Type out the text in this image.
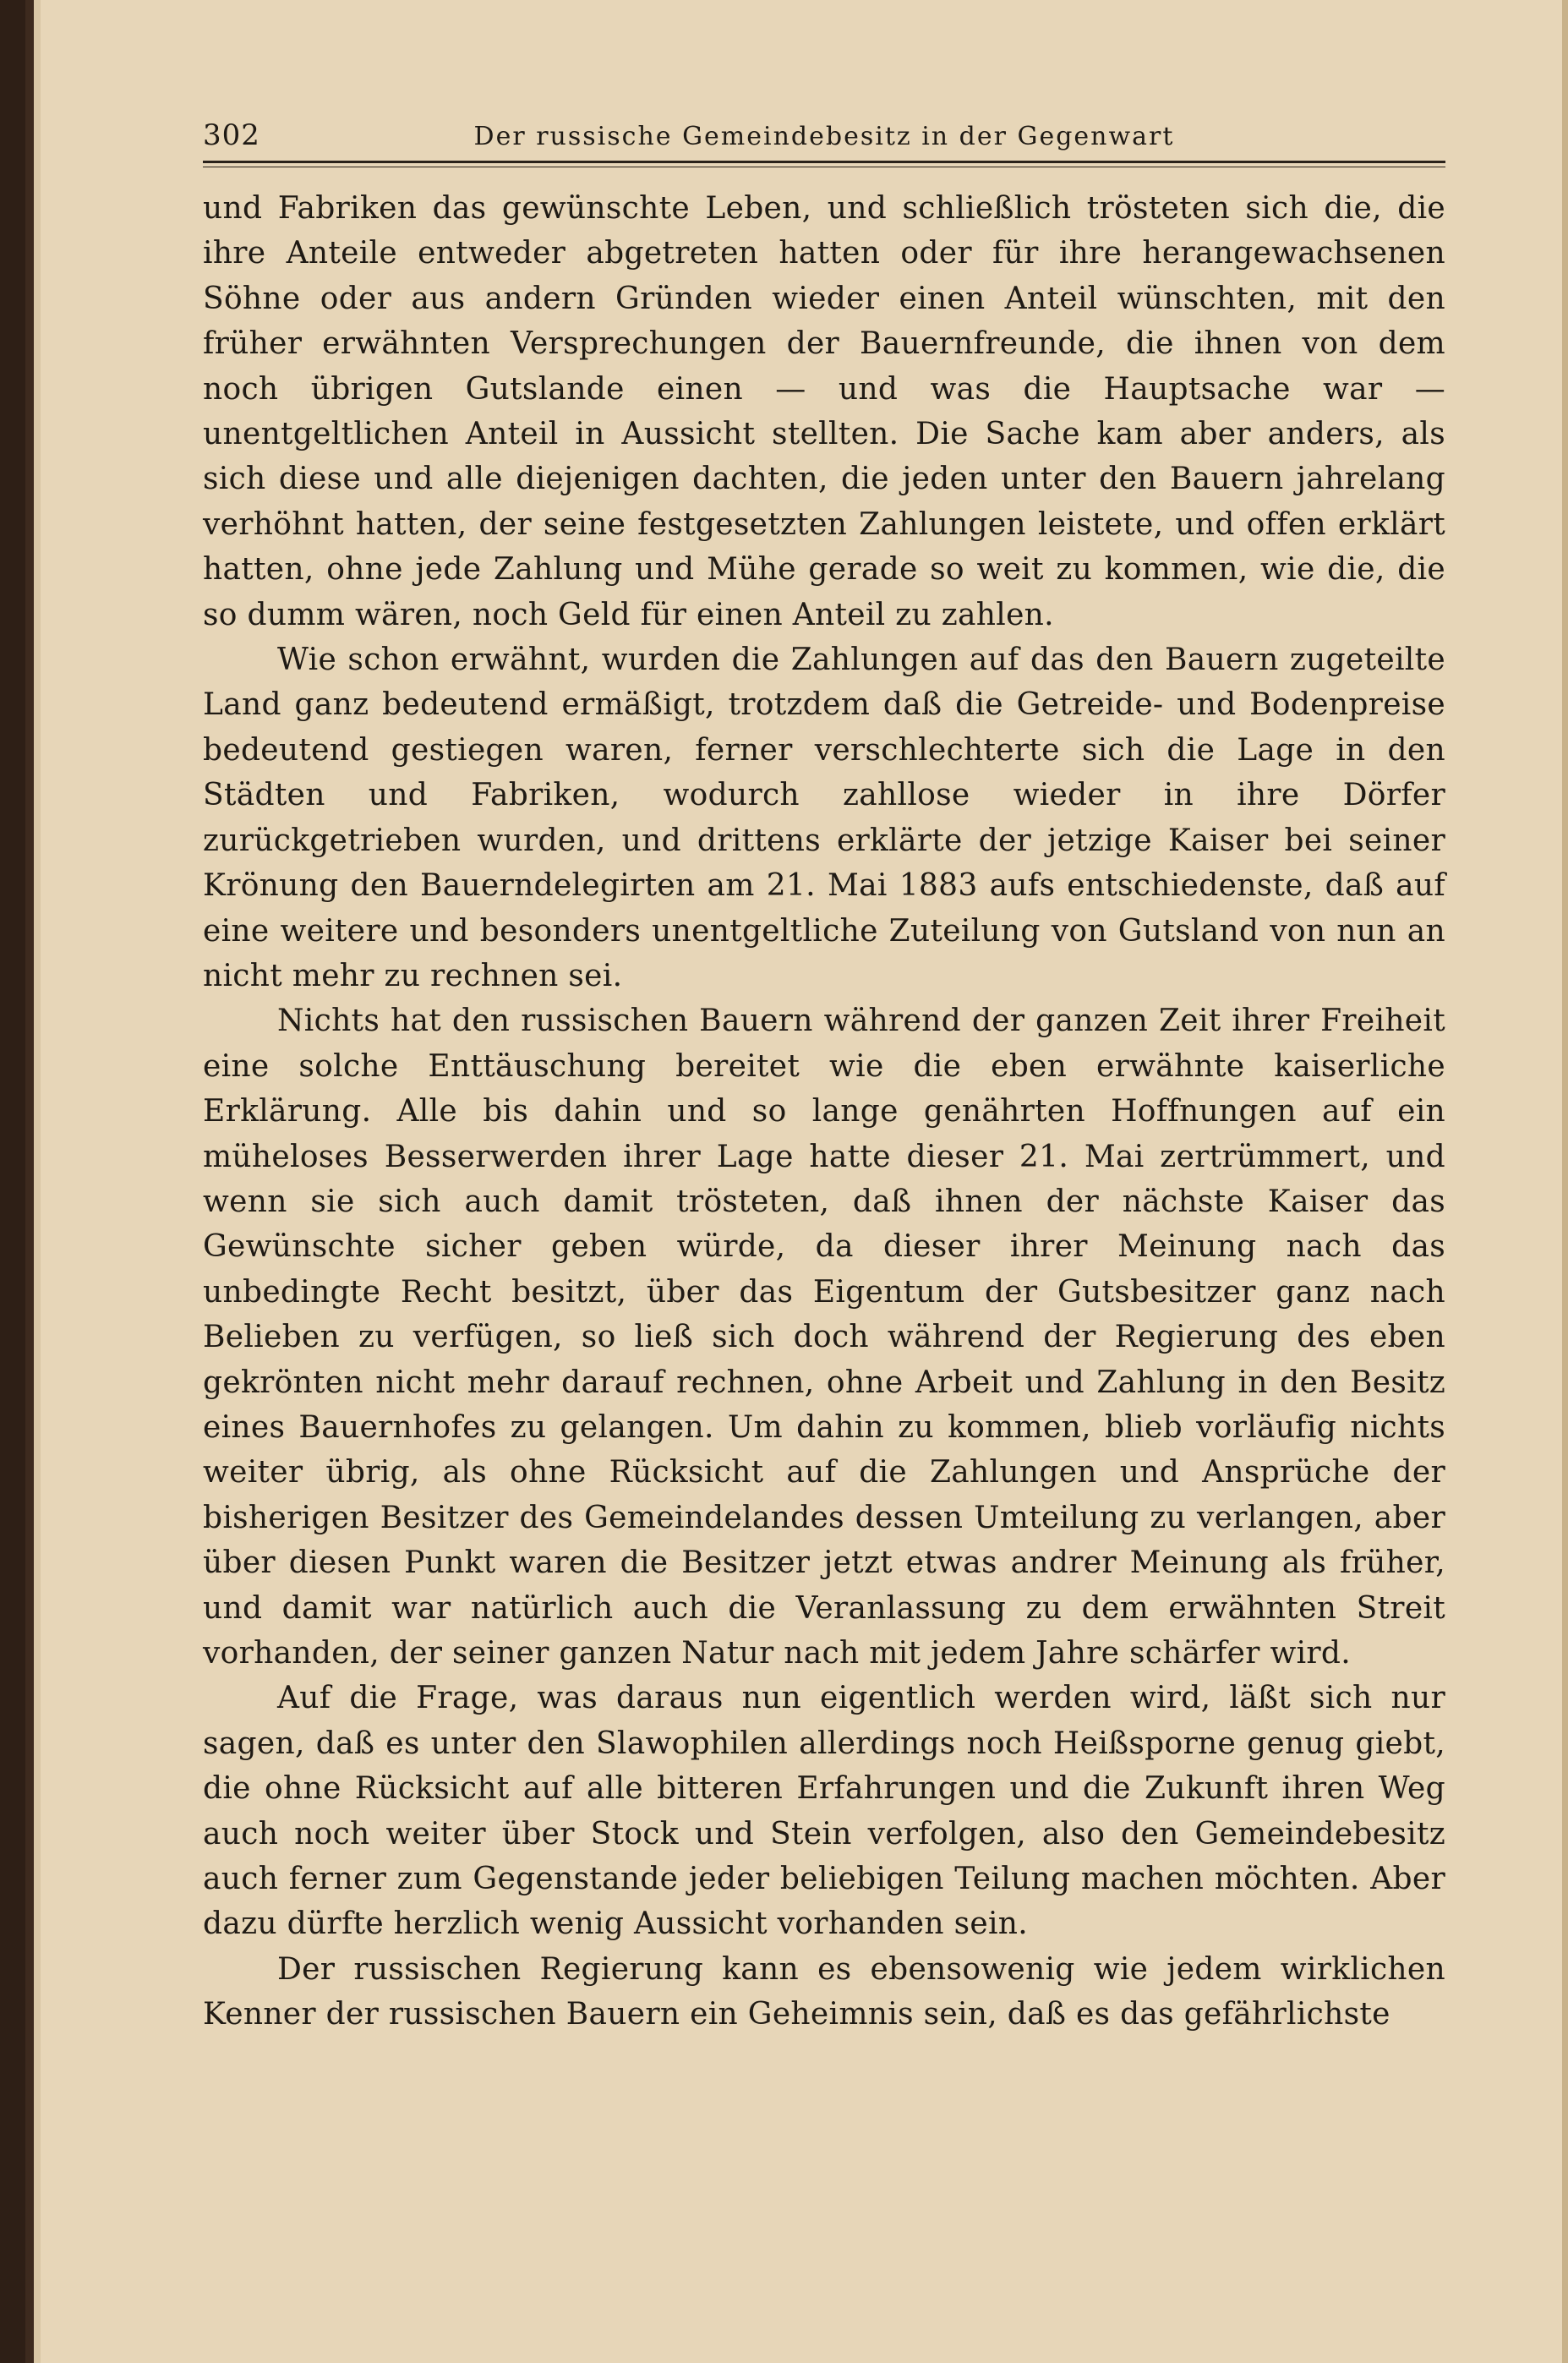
302	Der russische Gemeindebesitz in der Gegenwart

und Fabriken das gewünschte Leben, und schließlich trösteten sich die, die ihre Anteile entweder abgetreten hatten oder für ihre herangewachsenen Söhne oder aus andern Gründen wieder einen Anteil wünschten, mit den früher erwähnten Versprechungen der Bauernfreunde, die ihnen von dem noch übrigen Gutslande einen — und was die Hauptsache war — unentgeltlichen Anteil in Aussicht stellten. Die Sache kam aber anders, als sich diese und alle diejenigen dachten, die jeden unter den Bauern jahrelang verhöhnt hatten, der seine festgesetzten Zahlungen leistete, und offen erklärt hatten, ohne jede Zahlung und Mühe gerade so weit zu kommen, wie die, die so dumm wären, noch Geld für einen Anteil zu zahlen.

Wie schon erwähnt, wurden die Zahlungen auf das den Bauern zugeteilte Land ganz bedeutend ermäßigt, trotzdem daß die Getreide- und Bodenpreise bedeutend gestiegen waren, ferner verschlechterte sich die Lage in den Städten und Fabriken, wodurch zahllose wieder in ihre Dörfer zurückgetrieben wurden, und drittens erklärte der jetzige Kaiser bei seiner Krönung den Bauerndelegirten am 21. Mai 1883 aufs entschiedenste, daß auf eine weitere und besonders unentgeltliche Zuteilung von Gutsland von nun an nicht mehr zu rechnen sei.

Nichts hat den russischen Bauern während der ganzen Zeit ihrer Freiheit eine solche Enttäuschung bereitet wie die eben erwähnte kaiserliche Erklärung. Alle bis dahin und so lange genährten Hoffnungen auf ein müheloses Besserwerden ihrer Lage hatte dieser 21. Mai zertrümmert, und wenn sie sich auch damit trösteten, daß ihnen der nächste Kaiser das Gewünschte sicher geben würde, da dieser ihrer Meinung nach das unbedingte Recht besitzt, über das Eigentum der Gutsbesitzer ganz nach Belieben zu verfügen, so ließ sich doch während der Regierung des eben gekrönten nicht mehr darauf rechnen, ohne Arbeit und Zahlung in den Besitz eines Bauernhofes zu gelangen. Um dahin zu kommen, blieb vorläufig nichts weiter übrig, als ohne Rücksicht auf die Zahlungen und Ansprüche der bisherigen Besitzer des Gemeindelandes dessen Umteilung zu verlangen, aber über diesen Punkt waren die Besitzer jetzt etwas andrer Meinung als früher, und damit war natürlich auch die Veranlassung zu dem erwähnten Streit vorhanden, der seiner ganzen Natur nach mit jedem Jahre schärfer wird.

Auf die Frage, was daraus nun eigentlich werden wird, läßt sich nur sagen, daß es unter den Slawophilen allerdings noch Heißsporne genug giebt, die ohne Rücksicht auf alle bitteren Erfahrungen und die Zukunft ihren Weg auch noch weiter über Stock und Stein verfolgen, also den Gemeindebesitz auch ferner zum Gegenstande jeder beliebigen Teilung machen möchten. Aber dazu dürfte herzlich wenig Aussicht vorhanden sein.

Der russischen Regierung kann es ebensowenig wie jedem wirklichen Kenner der russischen Bauern ein Geheimnis sein, daß es das gefährlichste
